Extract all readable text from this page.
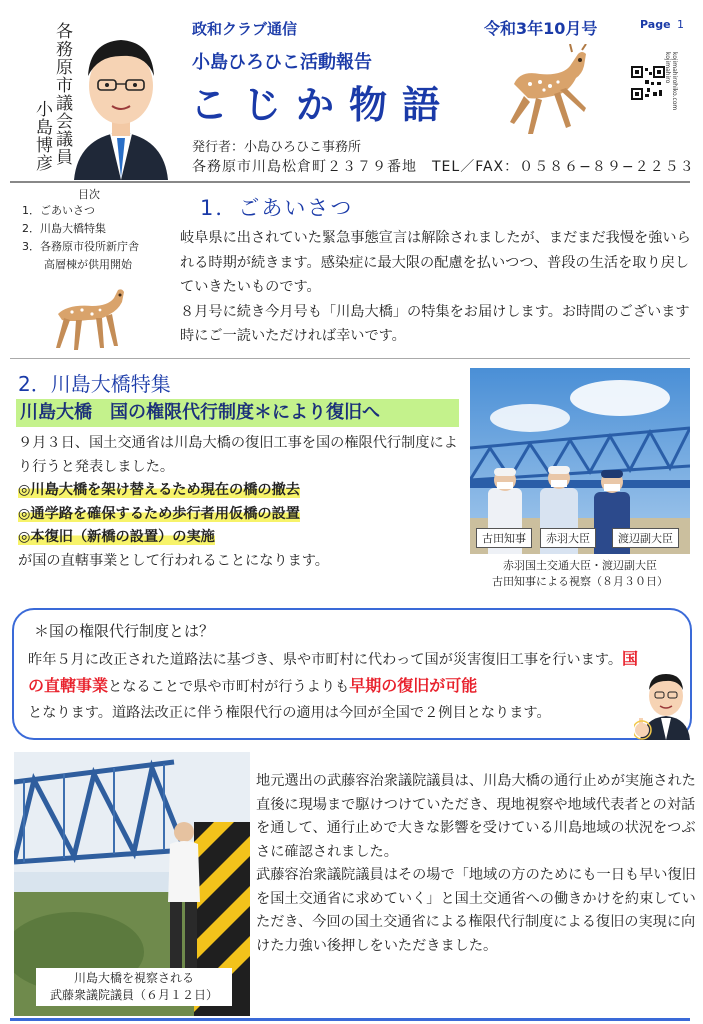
各務原市議会議員
小島博彦
政和クラブ通信
小島ひろひこ活動報告
こじか物語
令和3年10月号	Page 1
kojimahirohiko.com kojimahiro
発行者：小島ひろひこ事務所
各務原市川島松倉町２３７９番地　TEL／FAX：０５８６−８９−２２５３
目次
1．ごあいさつ
2．川島大橋特集
3．各務原市役所新庁舎
高層棟が供用開始
1．ごあいさつ

岐阜県に出されていた緊急事態宣言は解除されましたが、まだまだ我慢を強いられる時期が続きます。感染症に最大限の配慮を払いつつ、普段の生活を取り戻していきたいものです。

８月号に続き今月号も「川島大橋」の特集をお届けします。お時間のございます時にご一読いただければ幸いです。

2．川島大橋特集
川島大橋　国の権限代行制度＊により復旧へ
９月３日、国土交通省は川島大橋の復旧工事を国の権限代行制度により行うと発表しました。
◎川島大橋を架け替えるため現在の橋の撤去
◎通学路を確保するため歩行者用仮橋の設置
◎本復旧（新橋の設置）の実施
が国の直轄事業として行われることになります。
古田知事	赤羽大臣	渡辺副大臣
赤羽国土交通大臣・渡辺副大臣
古田知事による視察（８月３０日）
＊国の権限代行制度とは？
昨年５月に改正された道路法に基づき、県や市町村に代わって国が災害復旧工事を行います。国の直轄事業となることで県や市町村が行うよりも早期の復旧が可能
となります。道路法改正に伴う権限代行の適用は今回が全国で２例目となります。
川島大橋を視察される
武藤衆議院議員（６月１２日）

地元選出の武藤容治衆議院議員は、川島大橋の通行止めが実施された直後に現場まで駆けつけていただき、現地視察や地域代表者との対話を通して、通行止めで大きな影響を受けている川島地域の状況をつぶさに確認されました。

武藤容治衆議院議員はその場で「地域の方のためにも一日も早い復旧を国土交通省に求めていく」と国土交通省への働きかけを約束していただき、今回の国土交通省による権限代行制度による復旧の実現に向けた力強い後押しをいただきました。
